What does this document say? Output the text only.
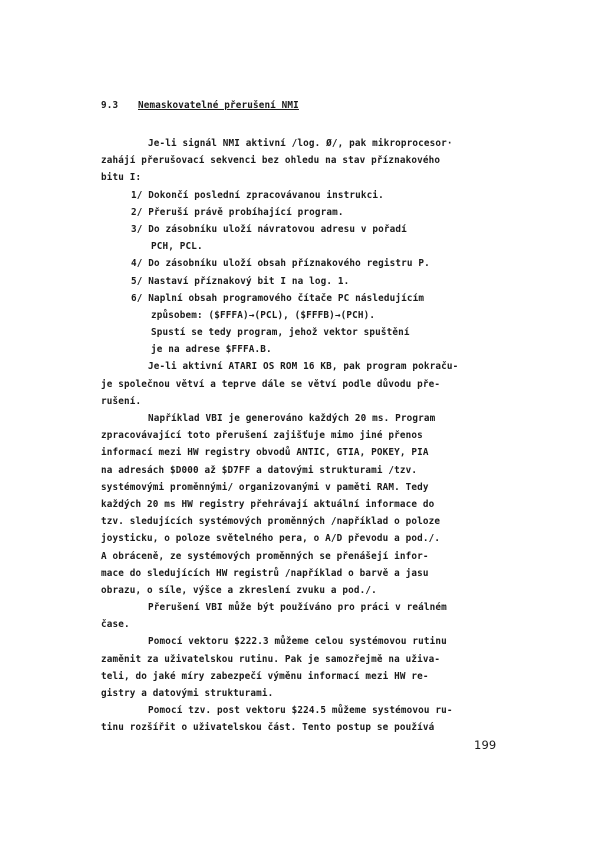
9.3 Nemaskovatelné přerušení NMI
Je-li signál NMI aktivní /log. Ø/, pak mikroprocesor·
zahájí přerušovací sekvenci bez ohledu na stav příznakového
bitu I:
1/ Dokončí poslední zpracovávanou instrukci.
2/ Přeruší právě probíhající program.
3/ Do zásobníku uloží návratovou adresu v pořadí
PCH, PCL.
4/ Do zásobníku uloží obsah příznakového registru P.
5/ Nastaví příznakový bit I na log. 1.
6/ Naplní obsah programového čítače PC následujícím
způsobem: ($FFFA)→(PCL), ($FFFB)→(PCH).
Spustí se tedy program, jehož vektor spuštění
je na adrese $FFFA.B.
Je-li aktivní ATARI OS ROM 16 KB, pak program pokraču-
je společnou větví a teprve dále se větví podle důvodu pře-
rušení.
Například VBI je generováno každých 20 ms. Program
zpracovávající toto přerušení zajišťuje mimo jiné přenos
informací mezi HW registry obvodů ANTIC, GTIA, POKEY, PIA
na adresách $D000 až $D7FF a datovými strukturami /tzv.
systémovými proměnnými/ organizovanými v paměti RAM. Tedy
každých 20 ms HW registry přehrávají aktuální informace do
tzv. sledujících systémových proměnných /například o poloze
joysticku, o poloze světelného pera, o A/D převodu a pod./.
A obráceně, ze systémových proměnných se přenášejí infor-
mace do sledujících HW registrů /například o barvě a jasu
obrazu, o síle, výšce a zkreslení zvuku a pod./.
Přerušení VBI může být používáno pro práci v reálném
čase.
Pomocí vektoru $222.3 můžeme celou systémovou rutinu
zaměnit za uživatelskou rutinu. Pak je samozřejmě na uživa-
teli, do jaké míry zabezpečí výměnu informací mezi HW re-
gistry a datovými strukturami.
Pomocí tzv. post vektoru $224.5 můžeme systémovou ru-
tinu rozšířit o uživatelskou část. Tento postup se používá
199
